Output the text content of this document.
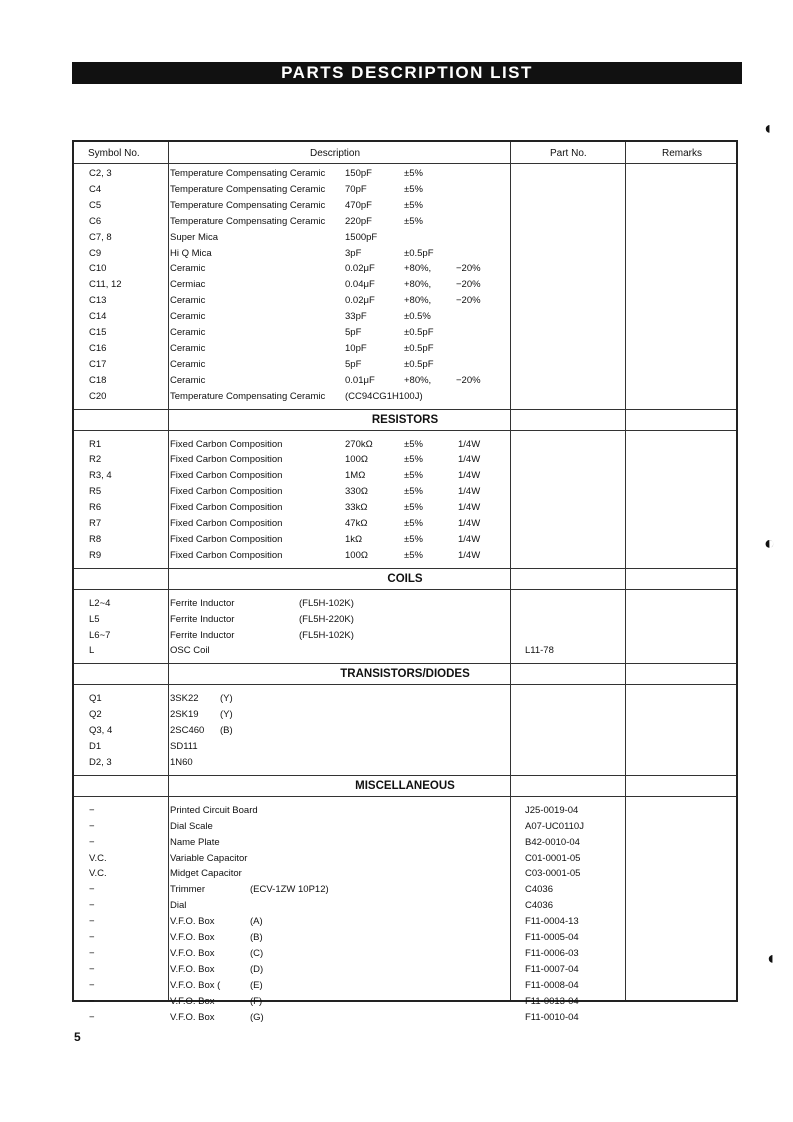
PARTS DESCRIPTION LIST
Symbol No.	Description	Part No.	Remarks
C2, 3	Temperature Compensating Ceramic 150pF	±5%
C4	Temperature Compensating Ceramic 70pF	±5%
C5	Temperature Compensating Ceramic 470pF	±5%
C6	Temperature Compensating Ceramic 220pF	±5%
C7, 8	Super Mica	1500pF
C9	Hi Q Mica	3pF	±0.5pF
C10	Ceramic	0.02μF	+80%,	−20%
C11, 12	Cermiac	0.04μF	+80%,	−20%
C13	Ceramic	0.02μF	+80%,	−20%
C14	Ceramic	33pF	±0.5%
C15	Ceramic	5pF	±0.5pF
C16	Ceramic	10pF	±0.5pF
C17	Ceramic	5pF	±0.5pF
C18	Ceramic	0.01μF	+80%,	−20%
C20	Temperature Compensating Ceramic (CC94CG1H100J)
RESISTORS
R1	Fixed Carbon Composition	270kΩ	±5%	1/4W
R2	Fixed Carbon Composition	100Ω	±5%	1/4W
R3, 4	Fixed Carbon Composition	1MΩ	±5%	1/4W
R5	Fixed Carbon Composition	330Ω	±5%	1/4W
R6	Fixed Carbon Composition	33kΩ	±5%	1/4W
R7	Fixed Carbon Composition	47kΩ	±5%	1/4W
R8	Fixed Carbon Composition	1kΩ	±5%	1/4W
R9	Fixed Carbon Composition	100Ω	±5%	1/4W
COILS
L2~4	Ferrite Inductor	(FL5H-102K)
L5	Ferrite Inductor	(FL5H-220K)
L6~7	Ferrite Inductor	(FL5H-102K)
L	OSC Coil	L11-78
TRANSISTORS/DIODES
Q1	3SK22 (Y)
Q2	2SK19 (Y)
Q3, 4	2SC460 (B)
D1	SD111
D2, 3	1N60
MISCELLANEOUS
−	Printed Circuit Board	J25-0019-04
−	Dial Scale	A07-UC0110J
−	Name Plate	B42-0010-04
V.C.	Variable Capacitor	C01-0001-05
V.C.	Midget Capacitor	C03-0001-05
−	Trimmer	(ECV-1ZW 10P12)	C4036
−	Dial	C4036
−	V.F.O. Box	(A)	F11-0004-13
−	V.F.O. Box	(B)	F11-0005-04
−	V.F.O. Box	(C)	F11-0006-03
−	V.F.O. Box	(D)	F11-0007-04
−	V.F.O. Box (	(E)	F11-0008-04
−	V.F.O. Box	(F)	F11-0013-04
−	V.F.O. Box	(G)	F11-0010-04
5
◖
◐
◖
